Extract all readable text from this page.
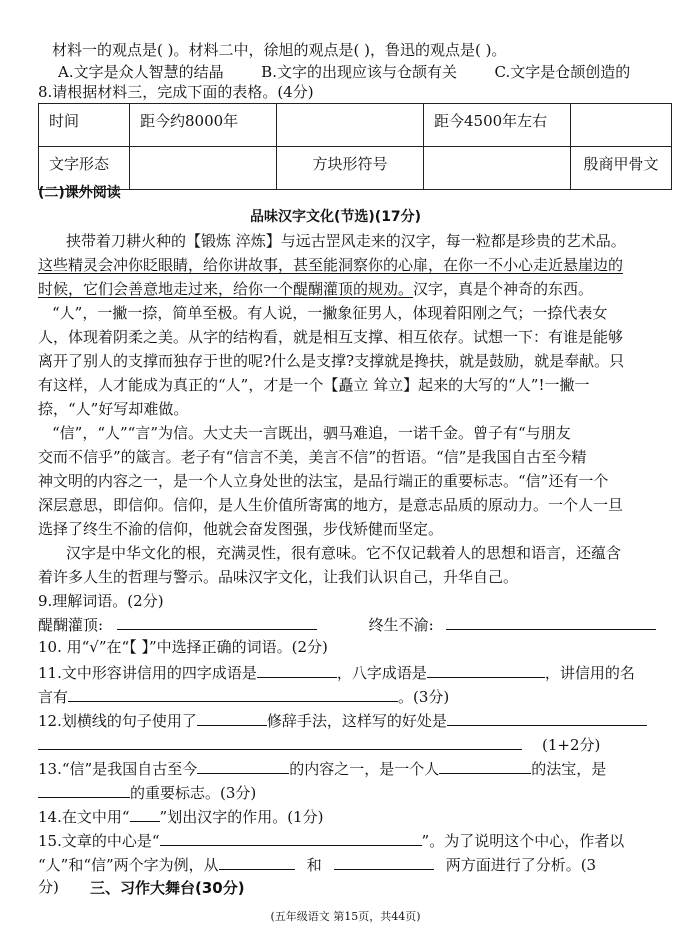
材料一的观点是( )。材料二中，徐旭的观点是( )，鲁迅的观点是( )。
A.文字是众人智慧的结晶	B.文字的出现应该与仓颉有关	C.文字是仓颉创造的
8.请根据材料三，完成下面的表格。(4分)
时间	距今约8000年		距今4500年左右	
文字形态		方块形符号		殷商甲骨文
(二)课外阅读
品味汉字文化(节选)(17分)
挟带着刀耕火种的【锻炼 淬炼】与远古罡风走来的汉字，每一粒都是珍贵的艺术品。
这些精灵会冲你眨眼睛，给你讲故事，甚至能洞察你的心扉，在你一不小心走近悬崖边的
时候，它们会善意地走过来，给你一个醍醐灌顶的规劝。汉字，真是个神奇的东西。
“人”，一撇一捺，简单至极。有人说，一撇象征男人，体现着阳刚之气；一捺代表女
人，体现着阴柔之美。从字的结构看，就是相互支撑、相互依存。试想一下：有谁是能够
离开了别人的支撑而独存于世的呢?什么是支撑?支撑就是搀扶，就是鼓励，就是奉献。只
有这样，人才能成为真正的“人”，才是一个【矗立 耸立】起来的大写的“人”!一撇一
捺，“人”好写却难做。
“信”，“人”“言”为信。大丈夫一言既出，驷马难追，一诺千金。曾子有“与朋友
交而不信乎”的箴言。老子有“信言不美，美言不信”的哲语。“信”是我国自古至今精
神文明的内容之一，是一个人立身处世的法宝，是品行端正的重要标志。“信”还有一个
深层意思，即信仰。信仰，是人生价值所寄寓的地方，是意志品质的原动力。一个人一旦
选择了终生不渝的信仰，他就会奋发图强，步伐矫健而坚定。
汉字是中华文化的根，充满灵性，很有意味。它不仅记载着人的思想和语言，还蕴含
着许多人生的哲理与警示。品味汉字文化，让我们认识自己，升华自己。
9.理解词语。(2分)
醍醐灌顶:	终生不渝:
10. 用“√”在“【 】”中选择正确的词语。(2分)
11.文中形容讲信用的四字成语是	，八字成语是	，讲信用的名
言有	。(3分)
12.划横线的句子使用了	修辞手法，这样写的好处是
(1+2分)
13.“信”是我国自古至今	的内容之一，是一个人	的法宝，是
的重要标志。(3分)
14.在文中用“ ”划出汉字的作用。(1分)
15.文章的中心是“	”。为了说明这个中心，作者以
“人”和“信”两个字为例，从	和	两方面进行了分析。(3
分) 三、习作大舞台(30分)
(五年级语文 第15页，共44页)
